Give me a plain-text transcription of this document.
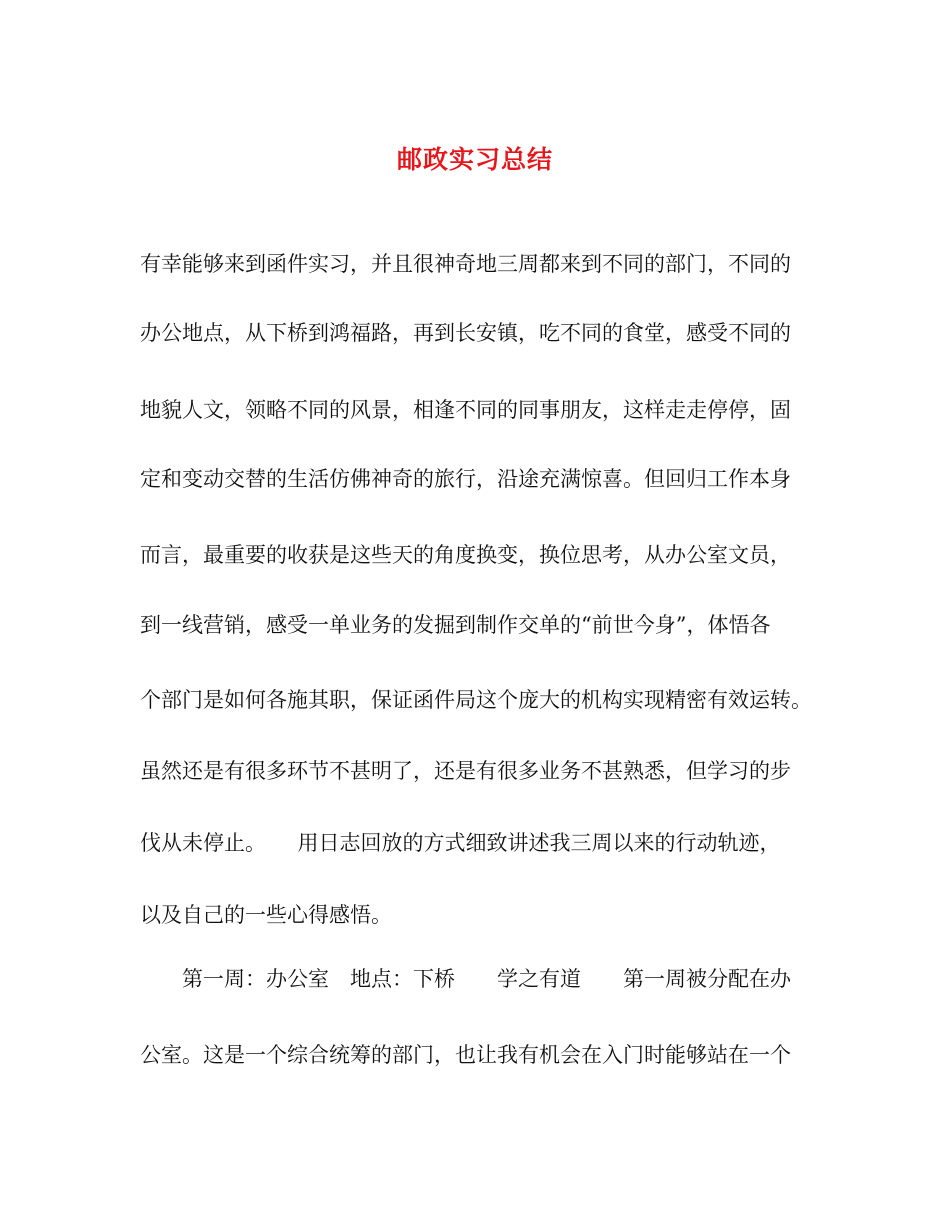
邮政实习总结
有幸能够来到函件实习，并且很神奇地三周都来到不同的部门，不同的
办公地点，从下桥到鸿福路，再到长安镇，吃不同的食堂，感受不同的
地貌人文，领略不同的风景，相逢不同的同事朋友，这样走走停停，固
定和变动交替的生活仿佛神奇的旅行，沿途充满惊喜。但回归工作本身
而言，最重要的收获是这些天的角度换变，换位思考，从办公室文员，
到一线营销，感受一单业务的发掘到制作交单的“前世今身”，体悟各
个部门是如何各施其职，保证函件局这个庞大的机构实现精密有效运转。
虽然还是有很多环节不甚明了，还是有很多业务不甚熟悉，但学习的步
伐从未停止。　　用日志回放的方式细致讲述我三周以来的行动轨迹，
以及自己的一些心得感悟。
　　第一周：办公室　地点：下桥　　学之有道　　第一周被分配在办
公室。这是一个综合统筹的部门，也让我有机会在入门时能够站在一个
